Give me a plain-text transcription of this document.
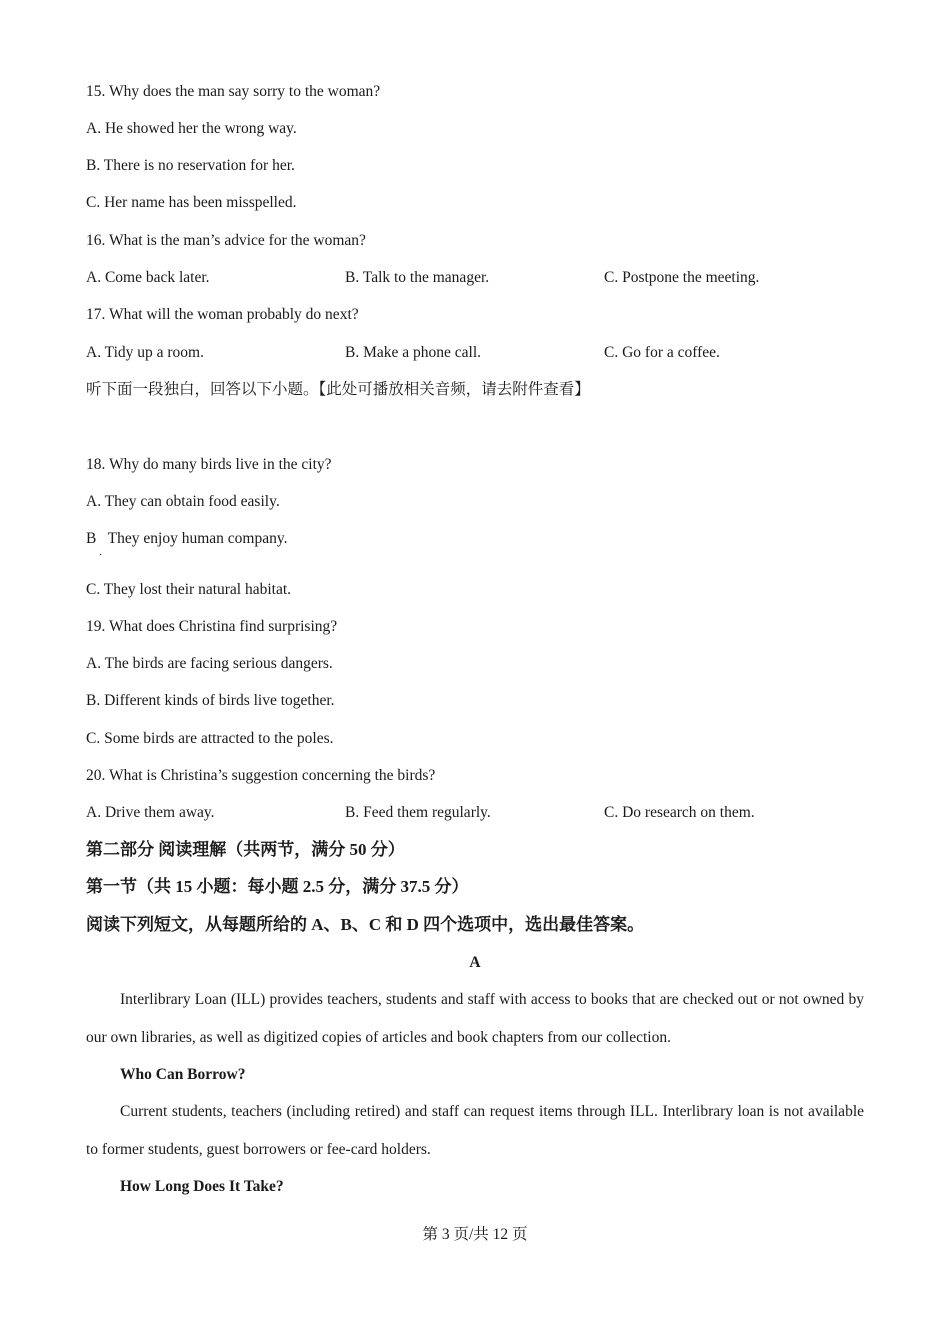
15. Why does the man say sorry to the woman?
A. He showed her the wrong way.
B. There is no reservation for her.
C. Her name has been misspelled.
16. What is the man’s advice for the woman?
A. Come back later.	B. Talk to the manager.	C. Postpone the meeting.
17. What will the woman probably do next?
A. Tidy up a room.	B. Make a phone call.	C. Go for a coffee.
听下面一段独白，回答以下小题。【此处可播放相关音频，请去附件查看】
18. Why do many birds live in the city?
A. They can obtain food easily.
B   They enjoy human company.
·
C. They lost their natural habitat.
19. What does Christina find surprising?
A. The birds are facing serious dangers.
B. Different kinds of birds live together.
C. Some birds are attracted to the poles.
20. What is Christina’s suggestion concerning the birds?
A. Drive them away.	B. Feed them regularly.	C. Do research on them.
第二部分 阅读理解（共两节，满分 50 分）
第一节（共 15 小题：每小题 2.5 分，满分 37.5 分）
阅读下列短文，从每题所给的 A、B、C 和 D 四个选项中，选出最佳答案。
A
Interlibrary Loan (ILL) provides teachers, students and staff with access to books that are checked out or not owned by our own libraries, as well as digitized copies of articles and book chapters from our collection.
Who Can Borrow?
Current students, teachers (including retired) and staff can request items through ILL. Interlibrary loan is not available to former students, guest borrowers or fee-card holders.
How Long Does It Take?
第 3 页/共 12 页
